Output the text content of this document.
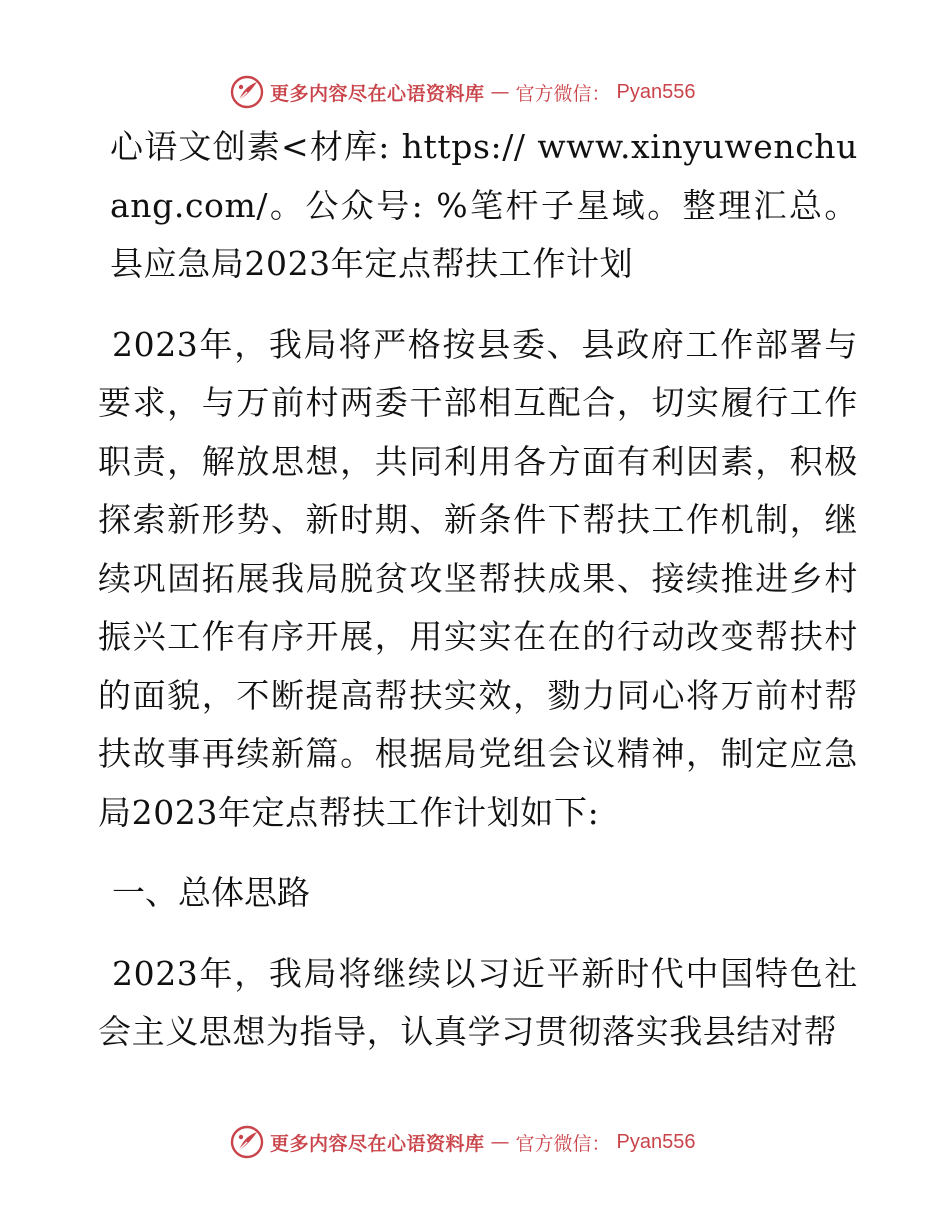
更多内容尽在心语资料库 — 官方微信： Pyan556

心语文创素<材库: https:// www.xinyuwenchuang.com/。公众号: %笔杆子星域。整理汇总。县应急局2023年定点帮扶工作计划

2023年，我局将严格按县委、县政府工作部署与要求，与万前村两委干部相互配合，切实履行工作职责，解放思想，共同利用各方面有利因素，积极探索新形势、新时期、新条件下帮扶工作机制，继续巩固拓展我局脱贫攻坚帮扶成果、接续推进乡村振兴工作有序开展，用实实在在的行动改变帮扶村的面貌，不断提高帮扶实效，勠力同心将万前村帮扶故事再续新篇。根据局党组会议精神，制定应急局2023年定点帮扶工作计划如下:

一、总体思路

2023年，我局将继续以习近平新时代中国特色社会主义思想为指导，认真学习贯彻落实我县结对帮

更多内容尽在心语资料库 — 官方微信： Pyan556
